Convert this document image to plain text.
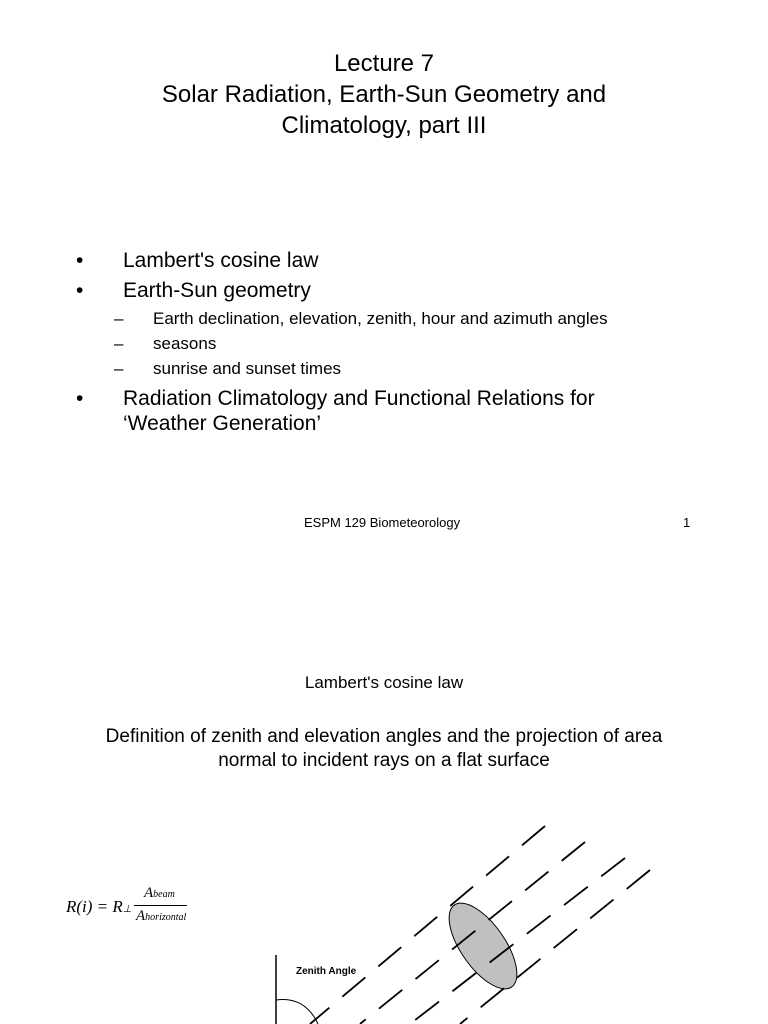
Lecture 7
Solar Radiation, Earth-Sun Geometry and
Climatology, part III
• Lambert's cosine law
• Earth-Sun geometry
– Earth declination, elevation, zenith, hour and azimuth angles
– seasons
– sunrise and sunset times
• Radiation Climatology and Functional Relations for ‘Weather Generation’
ESPM 129 Biometeorology	1
Lambert's cosine law
Definition of zenith and elevation angles and the projection of area normal to incident rays on a flat surface
R(i) = R⊥
Abeam
Ahorizontal
Zenith Angle
